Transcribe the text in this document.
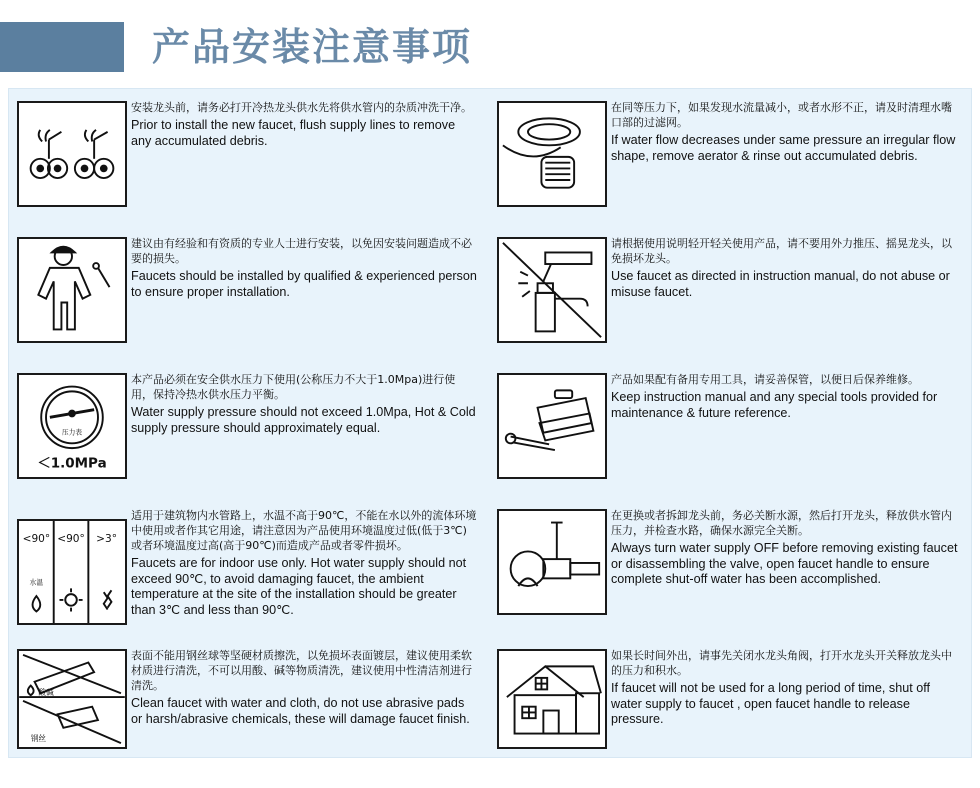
产品安装注意事项
安装龙头前，请务必打开冷热龙头供水先将供水管内的杂质冲洗干净。
Prior to install the new faucet, flush supply lines to remove any accumulated debris.
在同等压力下，如果发现水流量减小，或者水形不正，请及时清理水嘴口部的过滤网。
If water flow decreases under same pressure an irregular flow shape, remove aerator & rinse out accumulated debris.
建议由有经验和有资质的专业人士进行安装，以免因安装问题造成不必要的损失。
Faucets should be installed by qualified & experienced person to ensure proper installation.
请根据使用说明轻开轻关使用产品，请不要用外力推压、摇晃龙头，以免损坏龙头。
Use faucet as directed in instruction manual, do not abuse or misuse faucet.
压力表
＜1.0MPa
本产品必须在安全供水压力下使用(公称压力不大于1.0Mpa)进行使用，保持冷热水供水压力平衡。
Water supply pressure should not exceed 1.0Mpa, Hot & Cold supply pressure should approximately equal.
产品如果配有备用专用工具，请妥善保管，以便日后保养维修。
Keep instruction manual and any special tools provided for maintenance & future reference.
<90° <90° >3°
水温
适用于建筑物内水管路上，水温不高于90℃，不能在水以外的流体环境中使用或者作其它用途，请注意因为产品使用环境温度过低(低于3℃)或者环境温度过高(高于90℃)而造成产品或者零件损坏。
Faucets are for indoor use only. Hot water supply should not exceed 90℃, to avoid damaging faucet, the ambient temperature at the site of the installation should be greater than 3℃ and less than 90℃.
在更换或者拆卸龙头前，务必关断水源，然后打开龙头，释放供水管内压力，并检查水路，确保水源完全关断。
Always turn water supply OFF before removing existing faucet or disassembling the valve, open faucet handle to ensure complete shut-off water has been accomplished.
酸碱
钢丝
表面不能用钢丝球等坚硬材质擦洗，以免损坏表面镀层，建议使用柔软材质进行清洗，不可以用酸、碱等物质清洗，建议使用中性清洁剂进行清洗。
Clean faucet with water and cloth, do not use abrasive pads or harsh/abrasive chemicals, these will damage faucet finish.
如果长时间外出，请事先关闭水龙头角阀，打开水龙头开关释放龙头中的压力和积水。
If faucet will not be used for a long period of time, shut off water supply to faucet , open faucet handle to release pressure.
